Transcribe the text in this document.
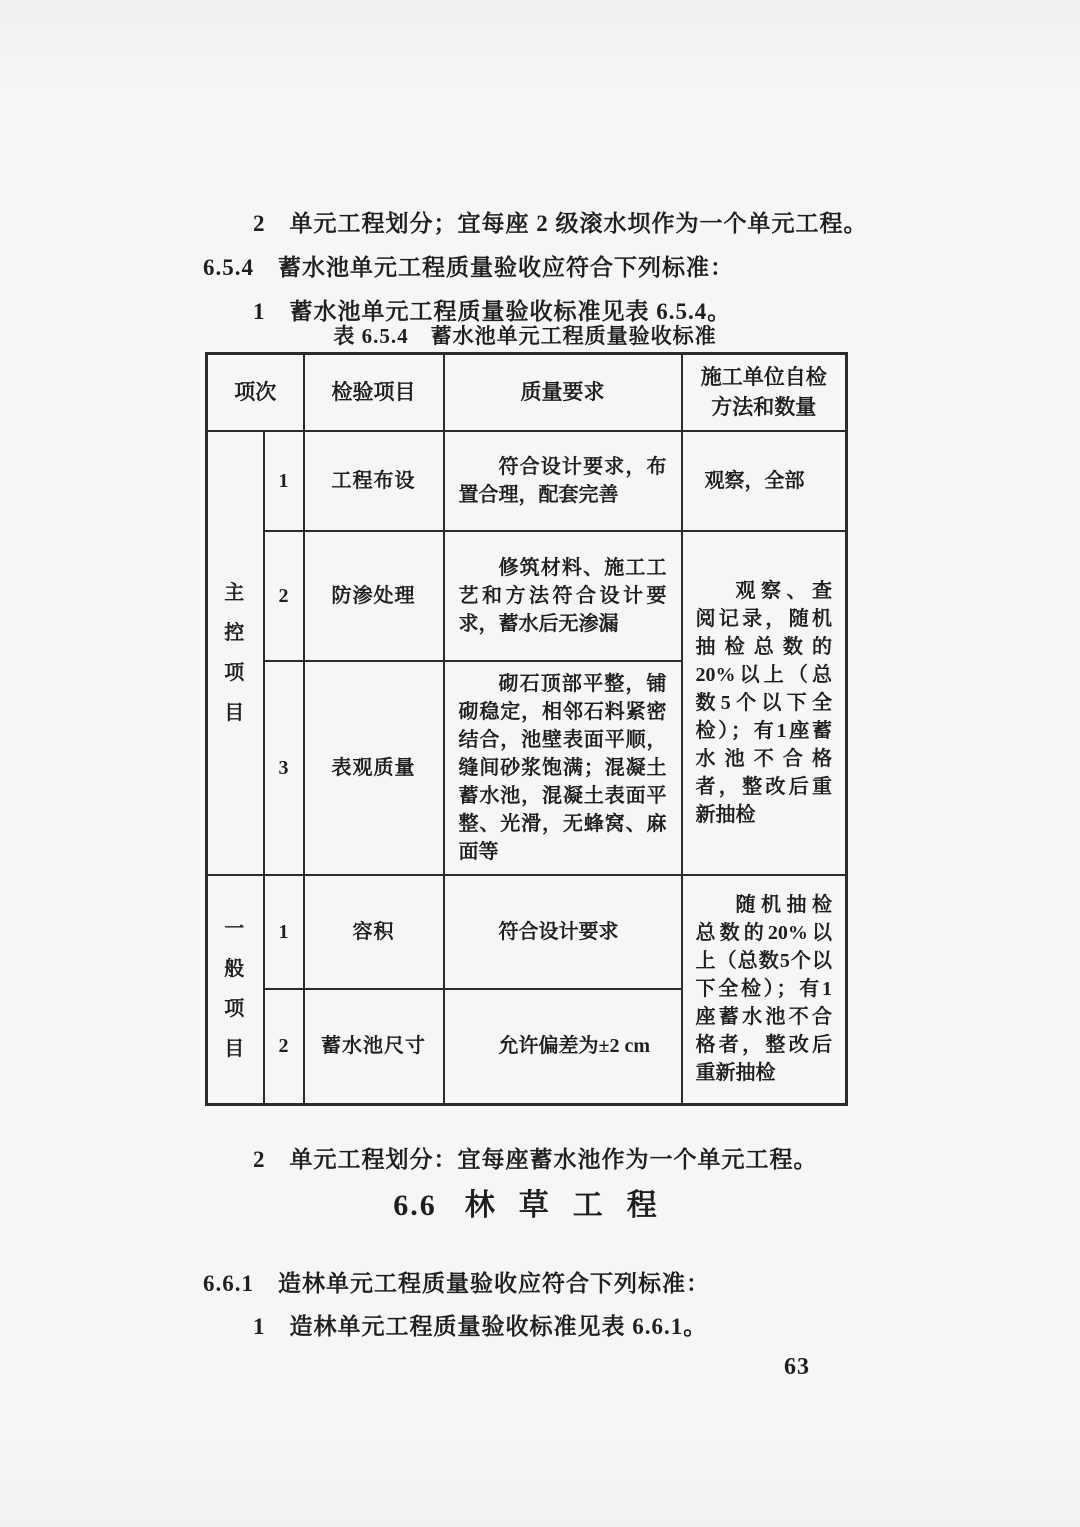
2 单元工程划分；宜每座 2 级滚水坝作为一个单元工程。

6.5.4 蓄水池单元工程质量验收应符合下列标准：

1 蓄水池单元工程质量验收标准见表 6.5.4。

表 6.5.4　蓄水池单元工程质量验收标准
项次		检验项目	质量要求	施工单位自检
方法和数量
主控项目	1	工程布设	符合设计要求，布置合理，配套完善	观察，全部
	2	防渗处理	修筑材料、施工工艺和方法符合设计要求，蓄水后无渗漏	观察、查阅记录，随机抽检总数的20%以上（总数5个以下全检）；有1座蓄水池不合格者，整改后重新抽检
	3	表观质量	砌石顶部平整，铺砌稳定，相邻石料紧密结合，池壁表面平顺，缝间砂浆饱满；混凝土蓄水池，混凝土表面平整、光滑，无蜂窝、麻面等	
一般项目	1	容积	符合设计要求	随机抽检总数的20%以上（总数5个以下全检）；有1座蓄水池不合格者，整改后重新抽检
	2	蓄水池尺寸	允许偏差为±2 cm	

2 单元工程划分：宜每座蓄水池作为一个单元工程。

6.6 林草工程

6.6.1 造林单元工程质量验收应符合下列标准：

1 造林单元工程质量验收标准见表 6.6.1。

63
